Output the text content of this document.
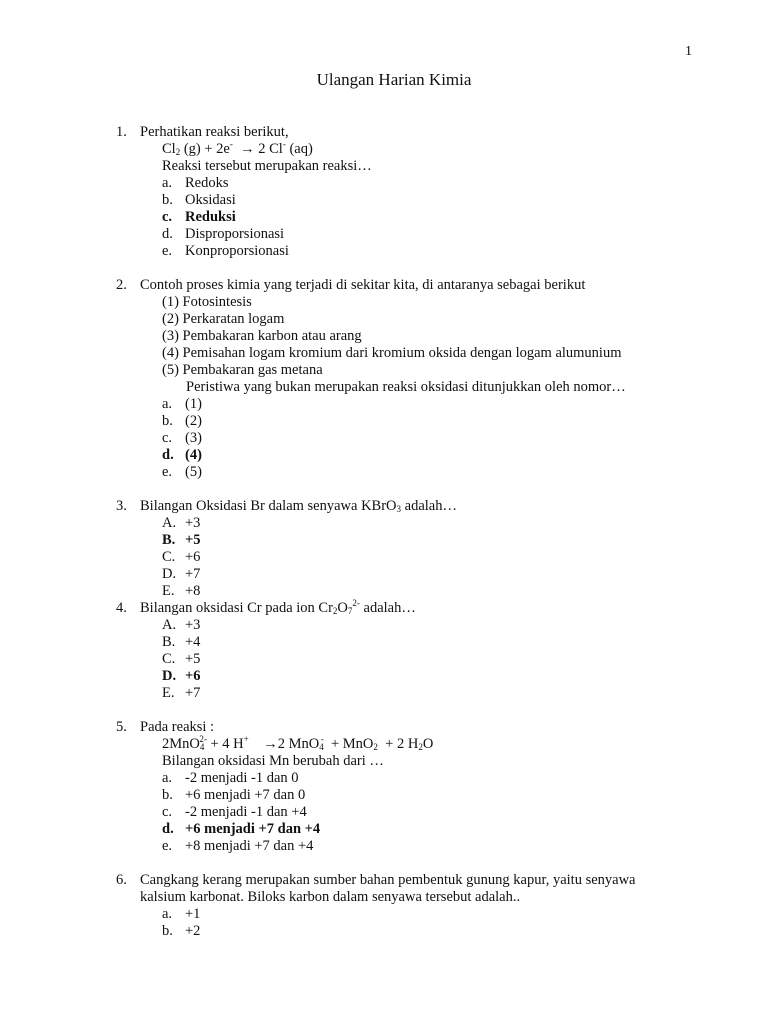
1
Ulangan Harian Kimia
1. Perhatikan reaksi berikut,
$Cl_2$ (g) + 2e-  → 2 Cl- (aq)
Reaksi tersebut merupakan reaksi…
a. Redoks
b. Oksidasi
c. Reduksi
d. Disproporsionasi
e. Konproporsionasi
2. Contoh proses kimia yang terjadi di sekitar kita, di antaranya sebagai berikut
(1) Fotosintesis
(2) Perkaratan logam
(3) Pembakaran karbon atau arang
(4) Pemisahan logam kromium dari kromium oksida dengan logam alumunium
(5) Pembakaran gas metana
Peristiwa yang bukan merupakan reaksi oksidasi ditunjukkan oleh nomor…
a. (1)
b. (2)
c. (3)
d. (4)
e. (5)
3. Bilangan Oksidasi Br dalam senyawa KBrO$_3$ adalah…
A. +3
B. +5
C. +6
D. +7
E. +8
4. Bilangan oksidasi Cr pada ion $Cr_2O_7^{2-}$ adalah…
A. +3
B. +4
C. +5
D. +6
E. +7
5. Pada reaksi :
2MnO$_4^{2-}$ + 4 H+    →2 MnO$_4$-  + MnO$_2$  + 2 $H_2O$
Bilangan oksidasi Mn berubah dari …
a. -2 menjadi -1 dan 0
b. +6 menjadi +7 dan 0
c. -2 menjadi -1 dan +4
d. +6 menjadi +7 dan +4
e. +8 menjadi +7 dan +4
6. Cangkang kerang merupakan sumber bahan pembentuk gunung kapur, yaitu senyawa
kalsium karbonat. Biloks karbon dalam senyawa tersebut adalah..
a. +1
b. +2
